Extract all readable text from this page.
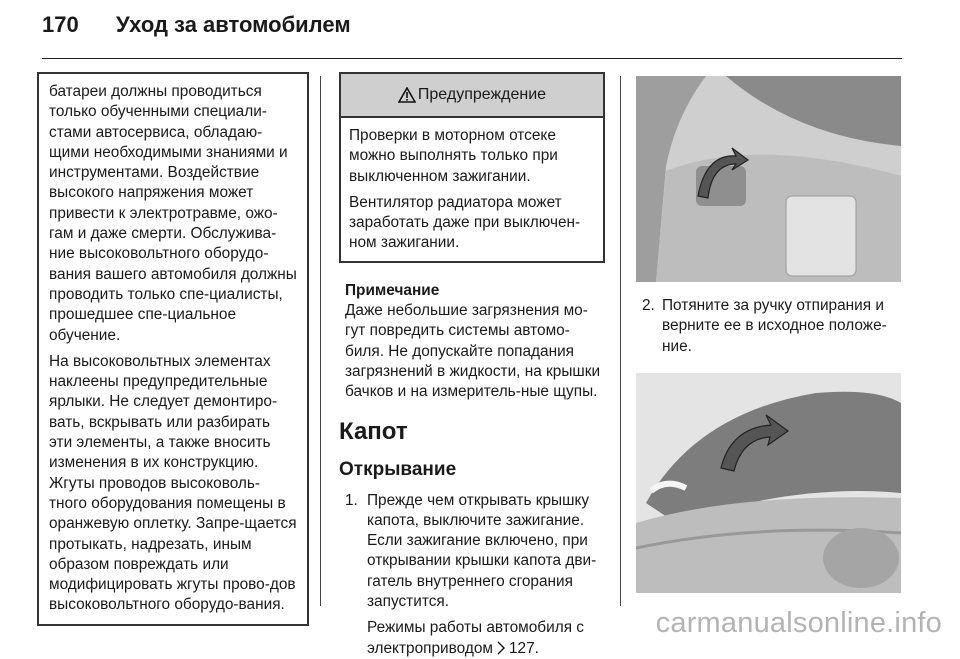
170	Уход за автомобилем

батареи должны проводиться только обученными специали-стами автосервиса, обладаю-щими необходимыми знаниями и инструментами. Воздействие высокого напряжения может привести к электротравме, ожо-гам и даже смерти. Обслужива-ние высоковольтного оборудо-вания вашего автомобиля должны проводить только спе-циалисты, прошедшее спе-циальное обучение.

На высоковольтных элементах наклеены предупредительные ярлыки. Не следует демонтиро-вать, вскрывать или разбирать эти элементы, а также вносить изменения в их конструкцию. Жгуты проводов высоковоль-тного оборудования помещены в оранжевую оплетку. Запре-щается протыкать, надрезать, иным образом повреждать или модифицировать жгуты прово-дов высоковольтного оборудо-вания.

Предупреждение

Проверки в моторном отсеке можно выполнять только при выключенном зажигании.

Вентилятор радиатора может заработать даже при выключен-ном зажигании.

Примечание
Даже небольшие загрязнения мо-гут повредить системы автомо-биля. Не допускайте попадания загрязнений в жидкости, на крышки бачков и на измеритель-ные щупы.
Капот
Открывание
1. Прежде чем открывать крышку капота, выключите зажигание. Если зажигание включено, при открывании крышки капота дви-гатель внутреннего сгорания запустится.

Режимы работы автомобиля с электроприводом 127.

2. Потяните за ручку отпирания и верните ее в исходное положе-ние.

carmanualsonline.info
